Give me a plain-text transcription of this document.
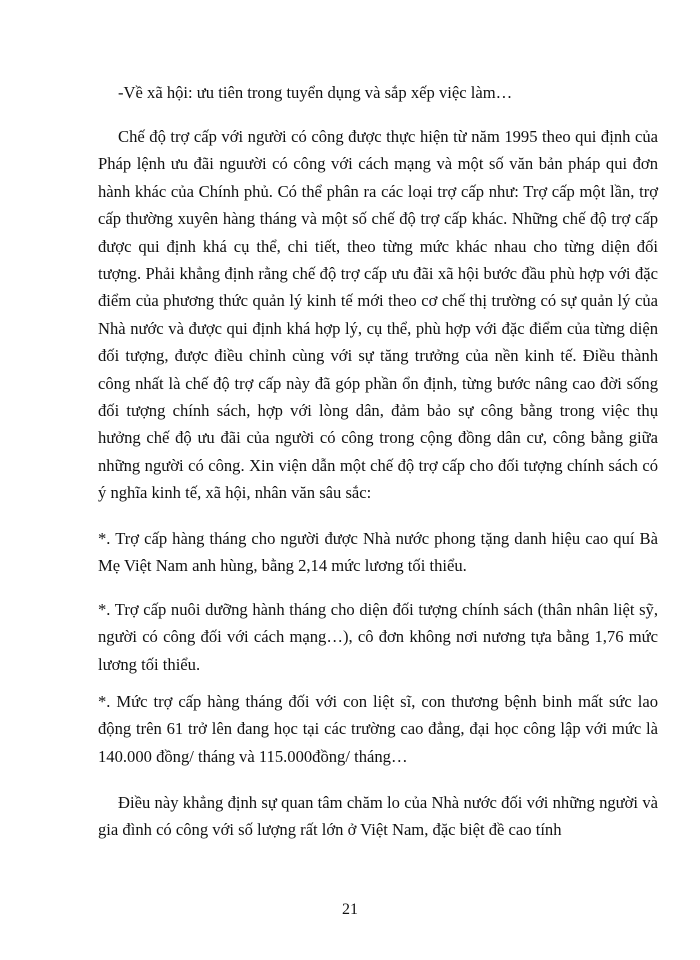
-Về xã hội: ưu tiên trong tuyển dụng và sắp xếp việc làm…

Chế độ trợ cấp với người có công được thực hiện từ năm 1995 theo qui định của Pháp lệnh ưu đãi nguười có công với cách mạng và một số văn bản pháp qui đơn hành khác của Chính phủ. Có thể phân ra các loại trợ cấp như: Trợ cấp một lần, trợ cấp thường xuyên hàng tháng và một số chế độ trợ cấp khác. Những chế độ trợ cấp được qui định khá cụ thể, chi tiết, theo từng mức khác nhau cho từng diện đối tượng. Phải khẳng định rằng chế độ trợ cấp ưu đãi xã hội bước đầu phù hợp với đặc điểm của phương thức quản lý kinh tế mới theo cơ chế thị trường có sự quản lý của Nhà nước và được qui định khá hợp lý, cụ thể, phù hợp với đặc điểm của từng diện đối tượng, được điều chỉnh cùng với sự tăng trưởng của nền kinh tế. Điều thành công nhất là chế độ trợ cấp này đã góp phần ổn định, từng bước nâng cao đời sống đối tượng chính sách, hợp với lòng dân, đảm bảo sự công bằng trong việc thụ hưởng chế độ ưu đãi của người có công trong cộng đồng dân cư, công bằng giữa những người có công. Xin viện dẫn một chế độ trợ cấp cho đối tượng chính sách có ý nghĩa kinh tế, xã hội, nhân văn sâu sắc:

*. Trợ cấp hàng tháng cho người được Nhà nước phong tặng danh hiệu cao quí Bà Mẹ Việt Nam anh hùng, bằng 2,14 mức lương tối thiểu.

*. Trợ cấp nuôi dưỡng hành tháng cho diện đối tượng chính sách (thân nhân liệt sỹ, người có công đối với cách mạng…), cô đơn không nơi nương tựa bằng 1,76 mức lương tối thiểu.

*. Mức trợ cấp hàng tháng đối với con liệt sĩ, con thương bệnh binh mất sức lao động trên 61 trở lên đang học tại các trường cao đẳng, đại học công lập với mức là 140.000 đồng/ tháng và 115.000đồng/ tháng…

Điều này khẳng định sự quan tâm chăm lo của Nhà nước đối với những người và gia đình có công với số lượng rất lớn ở Việt Nam, đặc biệt đề cao tính

21
